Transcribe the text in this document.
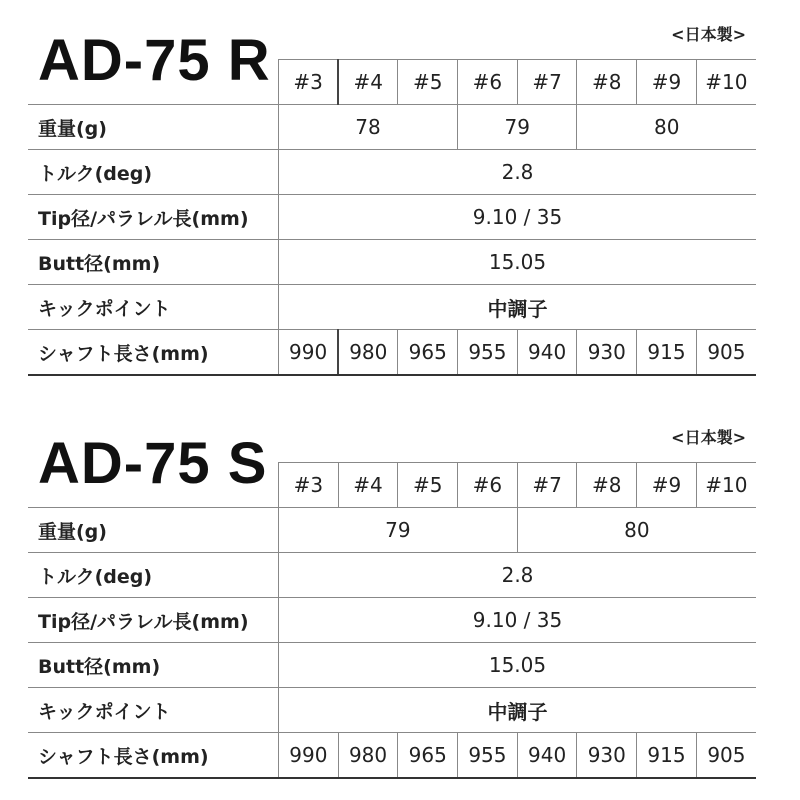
AD-75 R	<日本製>
	#3	#4	#5	#6	#7	#8	#9	#10
重量(g)	78			79		80		
トルク(deg)	2.8							
Tip径/パラレル長(mm)	9.10 / 35							
Butt径(mm)	15.05							
キックポイント	中調子							
シャフト長さ(mm)	990	980	965	955	940	930	915	905
AD-75 S	<日本製>
	#3	#4	#5	#6	#7	#8	#9	#10
重量(g)	79				80			
トルク(deg)	2.8							
Tip径/パラレル長(mm)	9.10 / 35							
Butt径(mm)	15.05							
キックポイント	中調子							
シャフト長さ(mm)	990	980	965	955	940	930	915	905
